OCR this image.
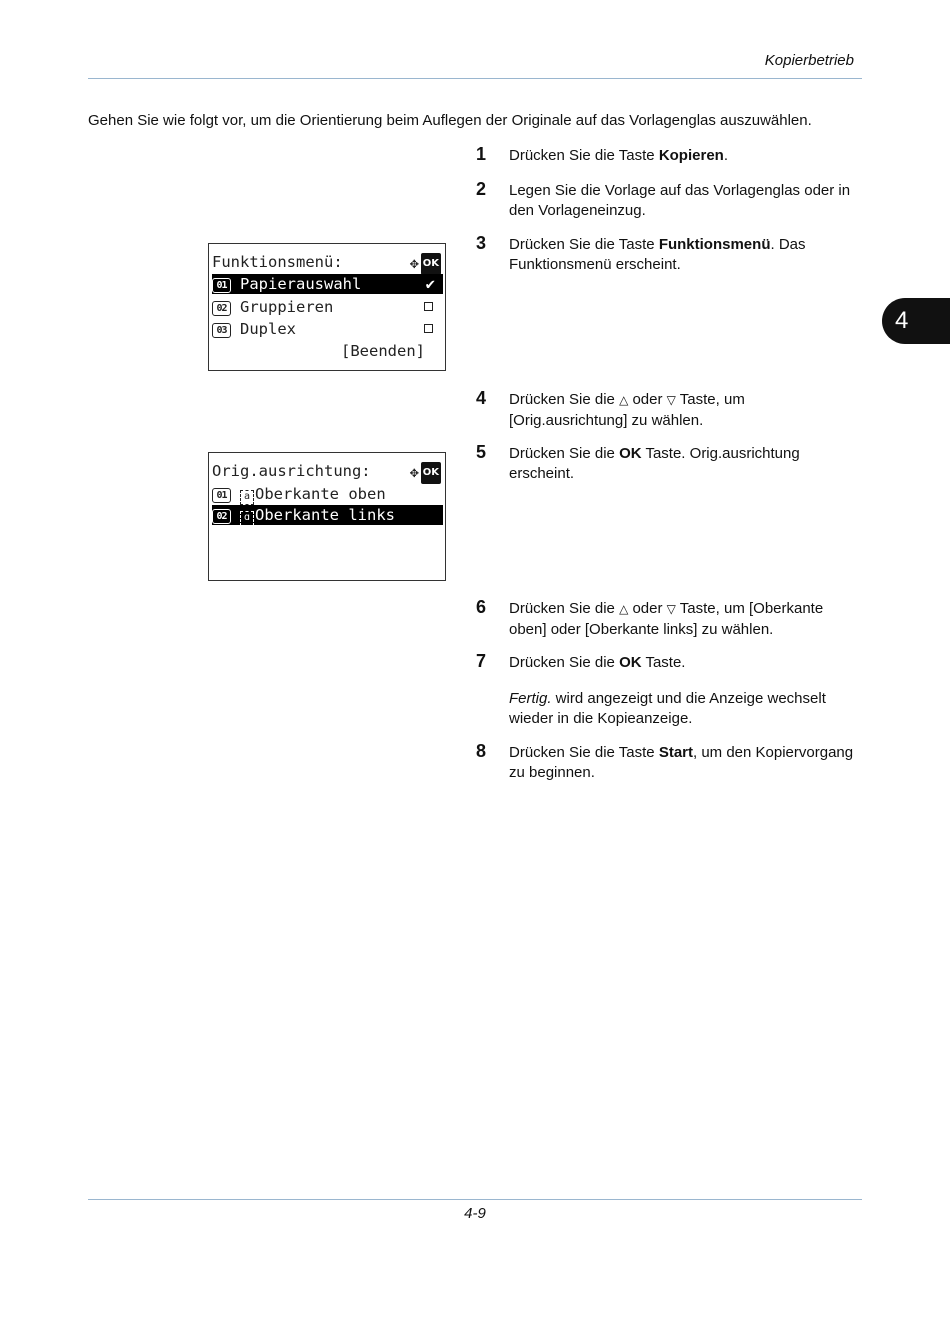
Kopierbetrieb
Gehen Sie wie folgt vor, um die Orientierung beim Auflegen der Originale auf das Vorlagenglas auszuwählen.
4
1	Drücken Sie die Taste Kopieren.
2	Legen Sie die Vorlage auf das Vorlagenglas oder in den Vorlageneinzug.
3	Drücken Sie die Taste Funktionsmenü. Das Funktionsmenü erscheint.
4	Drücken Sie die △ oder ▽ Taste, um [Orig.ausrichtung] zu wählen.
5	Drücken Sie die OK Taste. Orig.ausrichtung erscheint.
6	Drücken Sie die △ oder ▽ Taste, um [Oberkante oben] oder [Oberkante links] zu wählen.
7	Drücken Sie die OK Taste.
Fertig. wird angezeigt und die Anzeige wechselt wieder in die Kopieanzeige.
8	Drücken Sie die Taste Start, um den Kopiervorgang zu beginnen.
Funktionsmenü:	✥ OK
01 Papierauswahl	✔
02 Gruppieren
03 Duplex
[Beenden]
Orig.ausrichtung:	✥ OK
01 a Oberkante oben
02 ɑ Oberkante links
4-9
